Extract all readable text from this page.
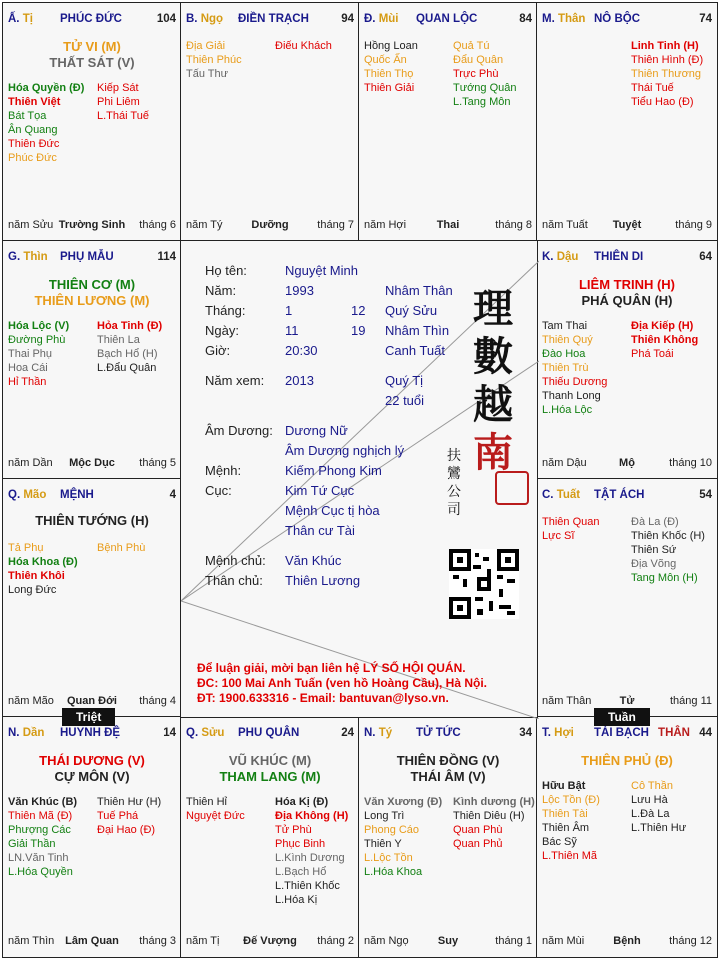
Ấ. Tị PHÚC ĐỨC	104
TỬ VI (M)
THẤT SÁT (V)
Hóa Quyền (Đ)
Thiên Việt
Bát Tọa
Ân Quang
Thiên Đức
Phúc Đức
Kiếp Sát
Phi Liêm
L.Thái Tuế
năm Sửu Trường Sinh	tháng 6
B. Ngọ ĐIỀN TRẠCH	94
Địa Giải
Thiên Phúc
Tấu Thư
Điếu Khách
năm Tý	Dưỡng	tháng 7
Đ. Mùi QUAN LỘC	84
Hồng Loan
Quốc Ấn
Thiên Thọ
Thiên Giải
Quả Tú
Đẩu Quân
Trực Phù
Tướng Quân
L.Tang Môn
năm Hợi	Thai	tháng 8
M. Thân NÔ BỘC	74
Linh Tinh (H)
Thiên Hình (Đ)
Thiên Thương
Thái Tuế
Tiểu Hao (Đ)
năm Tuất	Tuyệt	tháng 9
G. Thìn PHỤ MẪU	114
THIÊN CƠ (M)
THIÊN LƯƠNG (M)
Hóa Lộc (V)
Đường Phù
Thai Phụ
Hoa Cái
Hỉ Thần
Hỏa Tinh (Đ)
Thiên La
Bạch Hổ (H)
L.Đẩu Quân
năm Dần	Mộc Dục	tháng 5
K. Dậu THIÊN DI	64
LIÊM TRINH (H)
PHÁ QUÂN (H)
Tam Thai
Thiên Quý
Đào Hoa
Thiên Trù
Thiếu Dương
Thanh Long
L.Hóa Lộc
Địa Kiếp (H)
Thiên Không
Phá Toái
năm Dậu	Mộ	tháng 10
Q. Mão MỆNH	4
THIÊN TƯỚNG (H)
Tả Phụ
Hóa Khoa (Đ)
Thiên Khôi
Long Đức
Bệnh Phù
năm Mão	Quan Đới	tháng 4
C. Tuất TẬT ÁCH	54
Thiên Quan
Lực Sĩ
Đà La (Đ)
Thiên Khốc (H)
Thiên Sứ
Địa Võng
Tang Môn (H)
năm Thân	Tử	tháng 11
N. Dần HUYNH ĐỆ	14
THÁI DƯƠNG (V)
CỰ MÔN (V)
Văn Khúc (B)
Thiên Mã (Đ)
Phượng Các
Giải Thần
LN.Văn Tinh
L.Hóa Quyền
Thiên Hư (H)
Tuế Phá
Đại Hao (Đ)
năm Thìn Lâm Quan	tháng 3
Q. Sửu PHU QUÂN	24
VŨ KHÚC (M)
THAM LANG (M)
Thiên Hỉ
Nguyệt Đức
Hóa Kị (Đ)
Địa Không (H)
Tử Phù
Phục Binh
L.Kình Dương
L.Bạch Hổ
L.Thiên Khốc
L.Hóa Kị
năm Tị	Đế Vượng	tháng 2
N. Tý TỬ TỨC	34
THIÊN ĐỒNG (V)
THÁI ÂM (V)
Văn Xương (Đ)
Long Trì
Phong Cáo
Thiên Y
L.Lộc Tồn
L.Hóa Khoa
Kình dương (H)
Thiên Diêu (H)
Quan Phù
Quan Phủ
năm Ngọ	Suy	tháng 1
T. Hợi TÀI BẠCH	44
THÂN
THIÊN PHỦ (Đ)
Hữu Bật
Lộc Tồn (Đ)
Thiên Tài
Thiên Âm
Bác Sỹ
L.Thiên Mã
Cô Thần
Lưu Hà
L.Đà La
L.Thiên Hư
năm Mùi	Bệnh	tháng 12
Họ tên:	Nguyệt Minh
Năm:	1993	Nhâm Thân
Tháng:	1	12 Quý Sửu
Ngày:	11	19 Nhâm Thìn
Giờ:	20:30	Canh Tuất
Năm xem: 2013	Quý Tị
22 tuổi
Âm Dương: Dương Nữ
Âm Dương nghịch lý
Mệnh:	Kiếm Phong Kim
Cục:	Kim Tứ Cục
Mệnh Cục tị hòa
Thân cư Tài
Mệnh chủ: Văn Khúc
Thân chủ: Thiên Lương
理
數
越
南
扶
鸞
公
司
Để luận giải, mời bạn liên hệ LÝ SỐ HỘI QUÁN.
ĐC: 100 Mai Anh Tuấn (ven hồ Hoàng Cầu), Hà Nội.
ĐT: 1900.633316 - Email: bantuvan@lyso.vn.
Triệt	Tuần
